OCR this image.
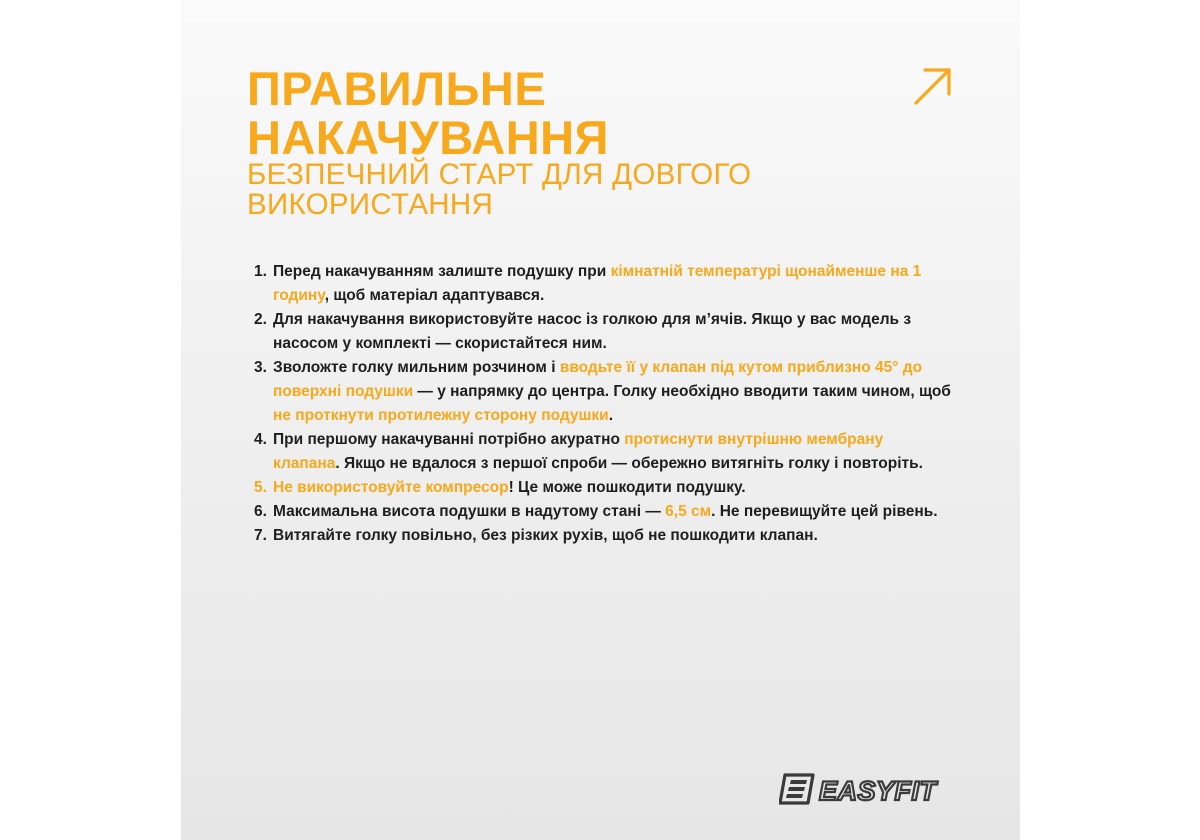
ПРАВИЛЬНЕ НАКАЧУВАННЯ
БЕЗПЕЧНИЙ СТАРТ ДЛЯ ДОВГОГО ВИКОРИСТАННЯ
1. Перед накачуванням залиште подушку при кімнатній температурі щонайменше на 1 годину, щоб матеріал адаптувався.
2. Для накачування використовуйте насос із голкою для м’ячів. Якщо у вас модель з насосом у комплекті — скористайтеся ним.
3. Зволожте голку мильним розчином і вводьте її у клапан під кутом приблизно 45° до поверхні подушки — у напрямку до центра. Голку необхідно вводити таким чином, щоб не проткнути протилежну сторону подушки.
4. При першому накачуванні потрібно акуратно протиснути внутрішню мембрану клапана. Якщо не вдалося з першої спроби — обережно витягніть голку і повторіть.
5. Не використовуйте компресор! Це може пошкодити подушку.
6. Максимальна висота подушки в надутому стані — 6,5 см. Не перевищуйте цей рівень.
7. Витягайте голку повільно, без різких рухів, щоб не пошкодити клапан.
EASYFIT
